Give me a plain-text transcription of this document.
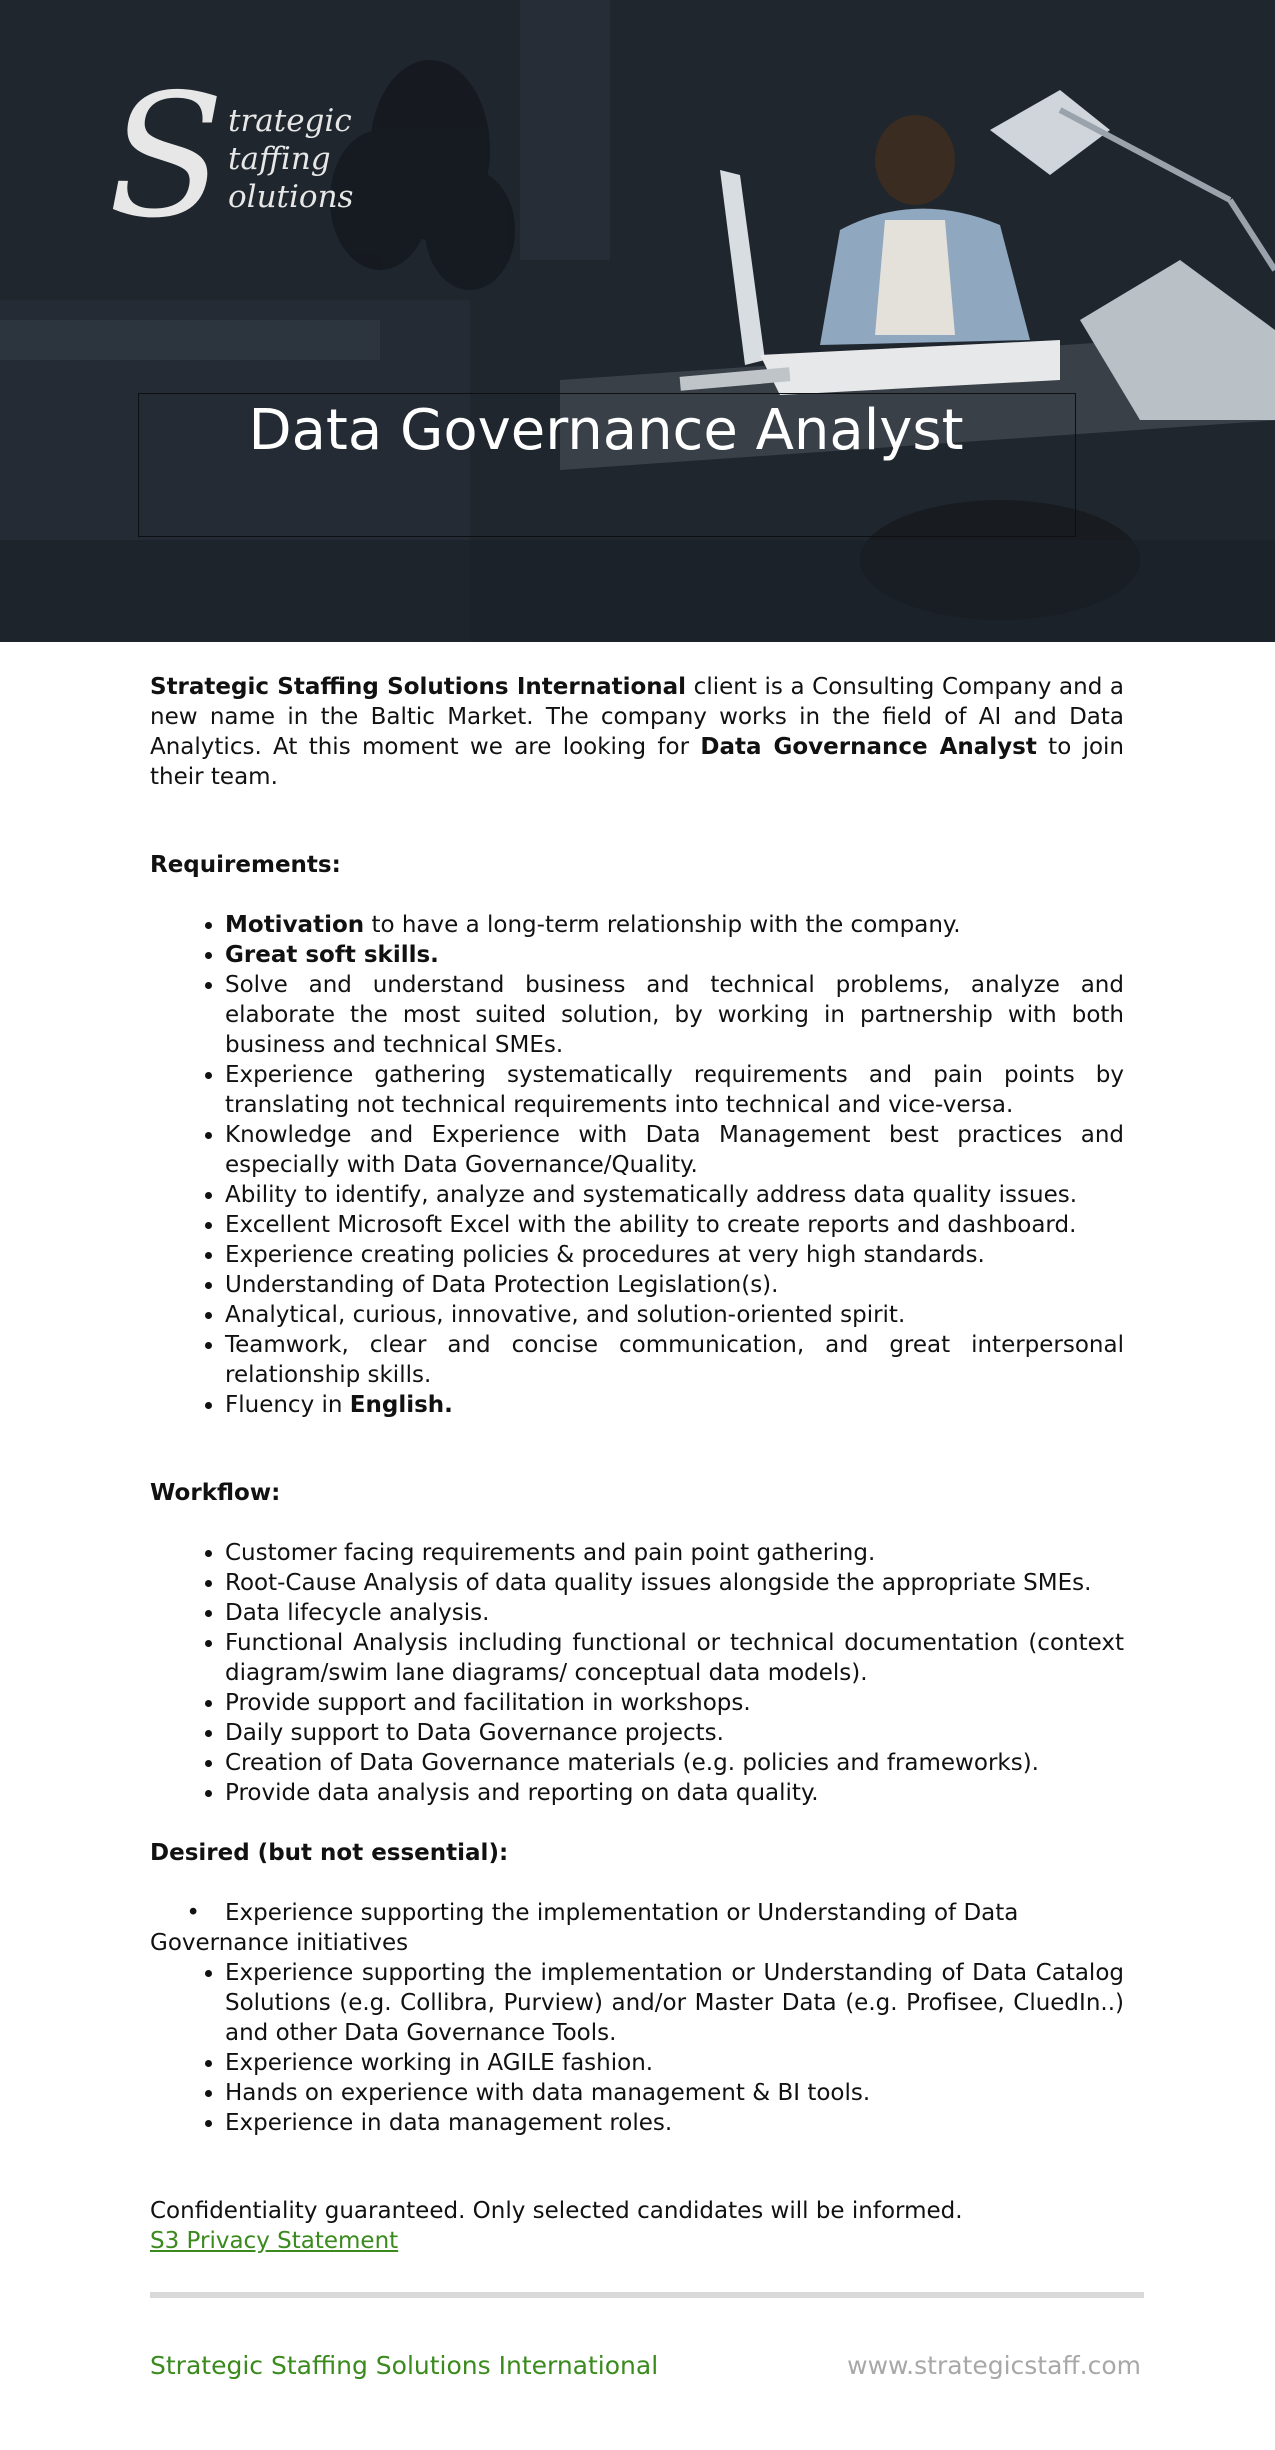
S trategic
taffing
olutions
Data Governance Analyst

Strategic Staffing Solutions International client is a Consulting Company and a new name in the Baltic Market. The company works in the field of AI and Data Analytics. At this moment we are looking for Data Governance Analyst to join their team.

Requirements:
• Motivation to have a long-term relationship with the company.
• Great soft skills.
• Solve and understand business and technical problems, analyze and elaborate the most suited solution, by working in partnership with both business and technical SMEs.
• Experience gathering systematically requirements and pain points by translating not technical requirements into technical and vice-versa.
• Knowledge and Experience with Data Management best practices and especially with Data Governance/Quality.
• Ability to identify, analyze and systematically address data quality issues.
• Excellent Microsoft Excel with the ability to create reports and dashboard.
• Experience creating policies & procedures at very high standards.
• Understanding of Data Protection Legislation(s).
• Analytical, curious, innovative, and solution-oriented spirit.
• Teamwork, clear and concise communication, and great interpersonal relationship skills.
• Fluency in English.
Workflow:
• Customer facing requirements and pain point gathering.
• Root-Cause Analysis of data quality issues alongside the appropriate SMEs.
• Data lifecycle analysis.
• Functional Analysis including functional or technical documentation (context diagram/swim lane diagrams/ conceptual data models).
• Provide support and facilitation in workshops.
• Daily support to Data Governance projects.
• Creation of Data Governance materials (e.g. policies and frameworks).
• Provide data analysis and reporting on data quality.
Desired (but not essential):

• Experience supporting the implementation or Understanding of Data Governance initiatives

• Experience supporting the implementation or Understanding of Data Catalog Solutions (e.g. Collibra, Purview) and/or Master Data (e.g. Profisee, CluedIn..) and other Data Governance Tools.
• Experience working in AGILE fashion.
• Hands on experience with data management & BI tools.
• Experience in data management roles.

Confidentiality guaranteed. Only selected candidates will be informed.

S3 Privacy Statement

Strategic Staffing Solutions International	www.strategicstaff.com
